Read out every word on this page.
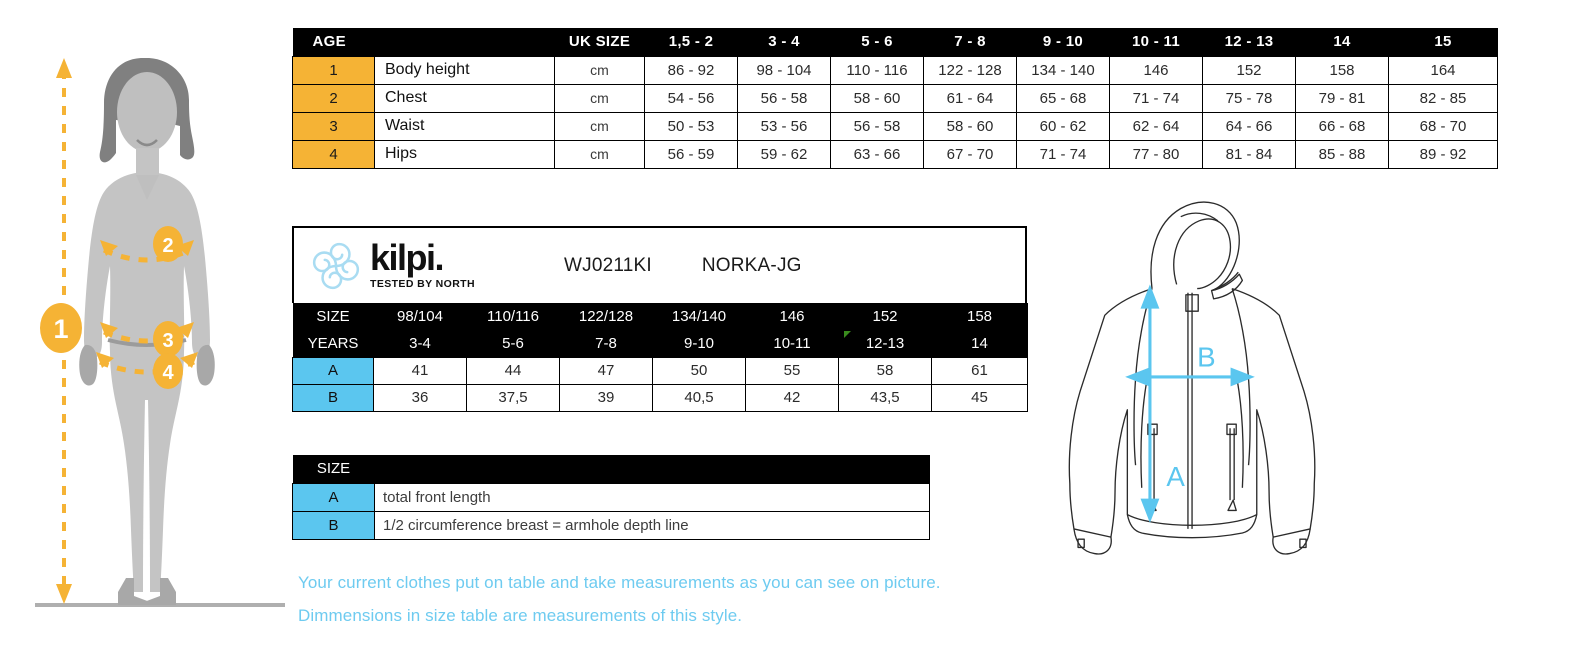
1
2
3
4
AGE		UK SIZE	1,5 - 2	3 - 4	5 - 6	7 - 8	9 - 10	10 - 11	12 - 13	14	15
1	Body height	cm	86 - 92	98 - 104	110 - 116	122 - 128	134 - 140	146	152	158	164
2	Chest	cm	54 - 56	56 - 58	58 - 60	61 - 64	65 - 68	71 - 74	75 - 78	79 - 81	82 - 85
3	Waist	cm	50 - 53	53 - 56	56 - 58	58 - 60	60 - 62	62 - 64	64 - 66	66 - 68	68 - 70
4	Hips	cm	56 - 59	59 - 62	63 - 66	67 - 70	71 - 74	77 - 80	81 - 84	85 - 88	89 - 92
kilpi.
TESTED BY NORTH
WJ0211KI	NORKA-JG
SIZE	98/104	110/116	122/128	134/140	146	152	158
YEARS	3-4	5-6	7-8	9-10	10-11	12-13	14
A	41	44	47	50	55	58	61
B	36	37,5	39	40,5	42	43,5	45
SIZE	
A	total front length
B	1/2 circumference breast = armhole depth line

Your current clothes put on table and take measurements as you can see on picture.

Dimmensions in size table are measurements of this style.

A
B
